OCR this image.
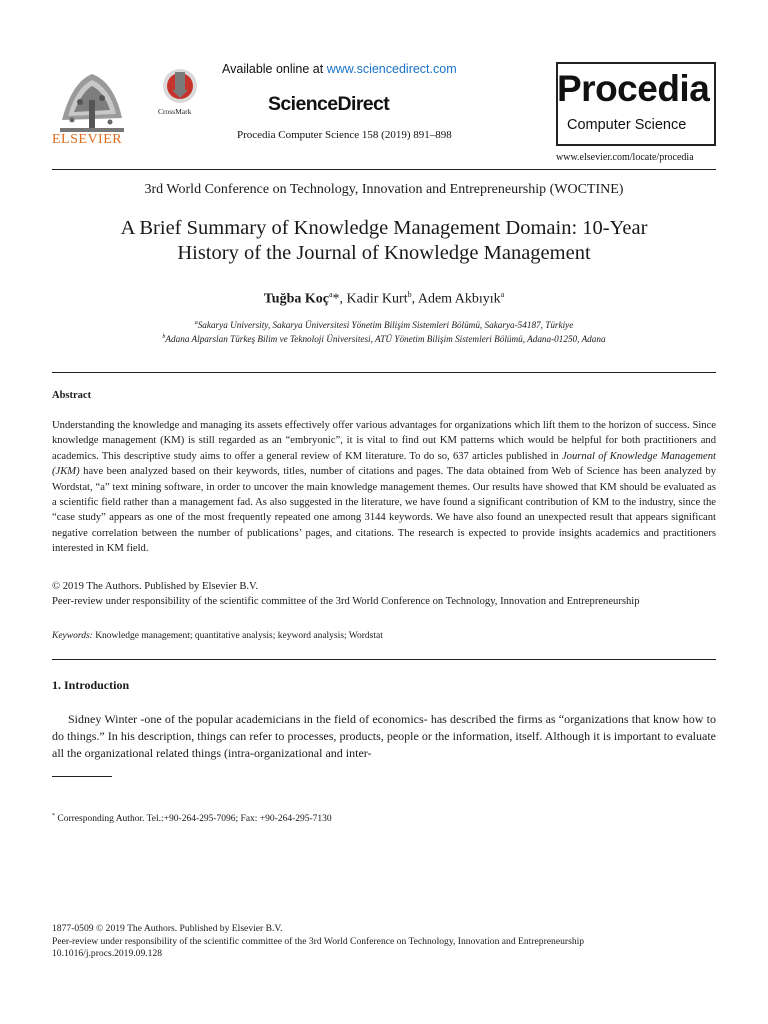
ELSEVIER
CrossMark
Available online at www.sciencedirect.com
ScienceDirect
Procedia Computer Science 158 (2019) 891–898
Procedia
Computer Science
www.elsevier.com/locate/procedia
3rd World Conference on Technology, Innovation and Entrepreneurship (WOCTINE)
A Brief Summary of Knowledge Management Domain: 10-Year
History of the Journal of Knowledge Management
Tuğba Koç$^a$*, Kadir Kurt$^b$, Adem Akbıyık$^a$
$^a$Sakarya University, Sakarya Üniversitesi Yönetim Bilişim Sistemleri Bölümü, Sakarya-54187, Türkiye
$^b$Adana Alparslan Türkeş Bilim ve Teknoloji Üniversitesi, ATÜ Yönetim Bilişim Sistemleri Bölümü, Adana-01250, Adana
Abstract
Understanding the knowledge and managing its assets effectively offer various advantages for organizations which lift them to the horizon of success. Since knowledge management (KM) is still regarded as an “embryonic”, it is vital to find out KM patterns which would be helpful for both practitioners and academics. This descriptive study aims to offer a general review of KM literature. To do so, 637 articles published in Journal of Knowledge Management (JKM) have been analyzed based on their keywords, titles, number of citations and pages. The data obtained from Web of Science has been analyzed by Wordstat, “a” text mining software, in order to uncover the main knowledge management themes. Our results have showed that KM should be evaluated as a scientific field rather than a management fad. As also suggested in the literature, we have found a significant contribution of KM to the industry, since the “case study” appears as one of the most frequently repeated one among 3144 keywords. We have also found an unexpected result that appears significant negative correlation between the number of publications’ pages, and citations. The research is expected to provide insights academics and practitioners interested in KM field.
© 2019 The Authors. Published by Elsevier B.V.
Peer-review under responsibility of the scientific committee of the 3rd World Conference on Technology, Innovation and Entrepreneurship
Keywords: Knowledge management; quantitative analysis; keyword analysis; Wordstat
1. Introduction
Sidney Winter -one of the popular academicians in the field of economics- has described the firms as “organizations that know how to do things.” In his description, things can refer to processes, products, people or the information, itself. Although it is important to evaluate all the organizational related things (intra-organizational and inter-
* Corresponding Author. Tel.:+90-264-295-7096; Fax: +90-264-295-7130
1877-0509 © 2019 The Authors. Published by Elsevier B.V.
Peer-review under responsibility of the scientific committee of the 3rd World Conference on Technology, Innovation and Entrepreneurship
10.1016/j.procs.2019.09.128
